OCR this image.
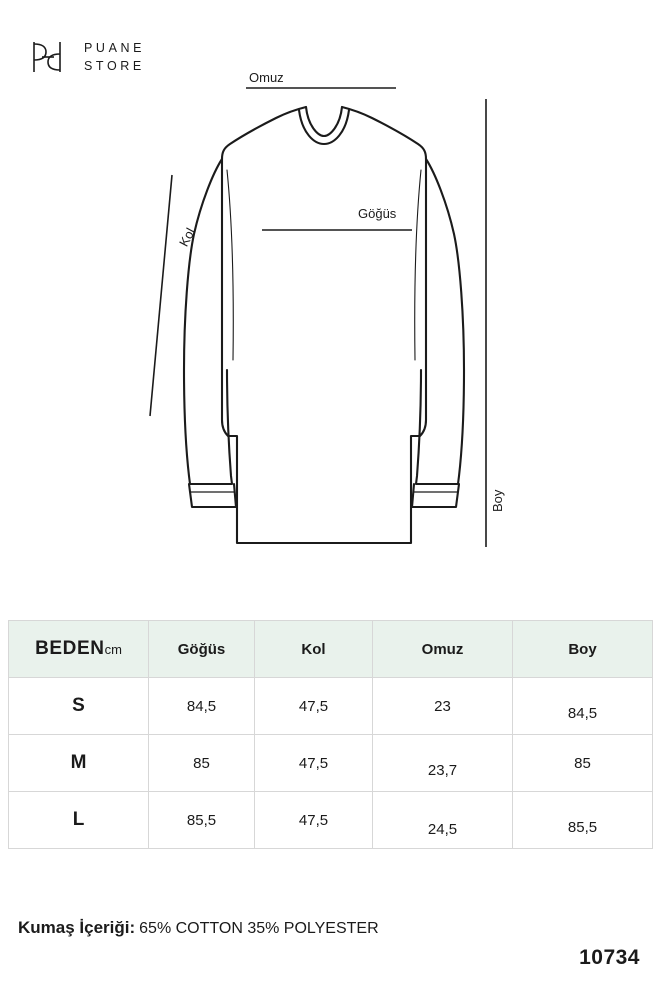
PUANE
STORE
Omuz
Göğüs
Kol
Boy
BEDENcm	Göğüs	Kol	Omuz	Boy
S	84,5	47,5	23	84,5
M	85	47,5	23,7	85
L	85,5	47,5	24,5	85,5
Kumaş İçeriği: 65% COTTON 35% POLYESTER
10734
